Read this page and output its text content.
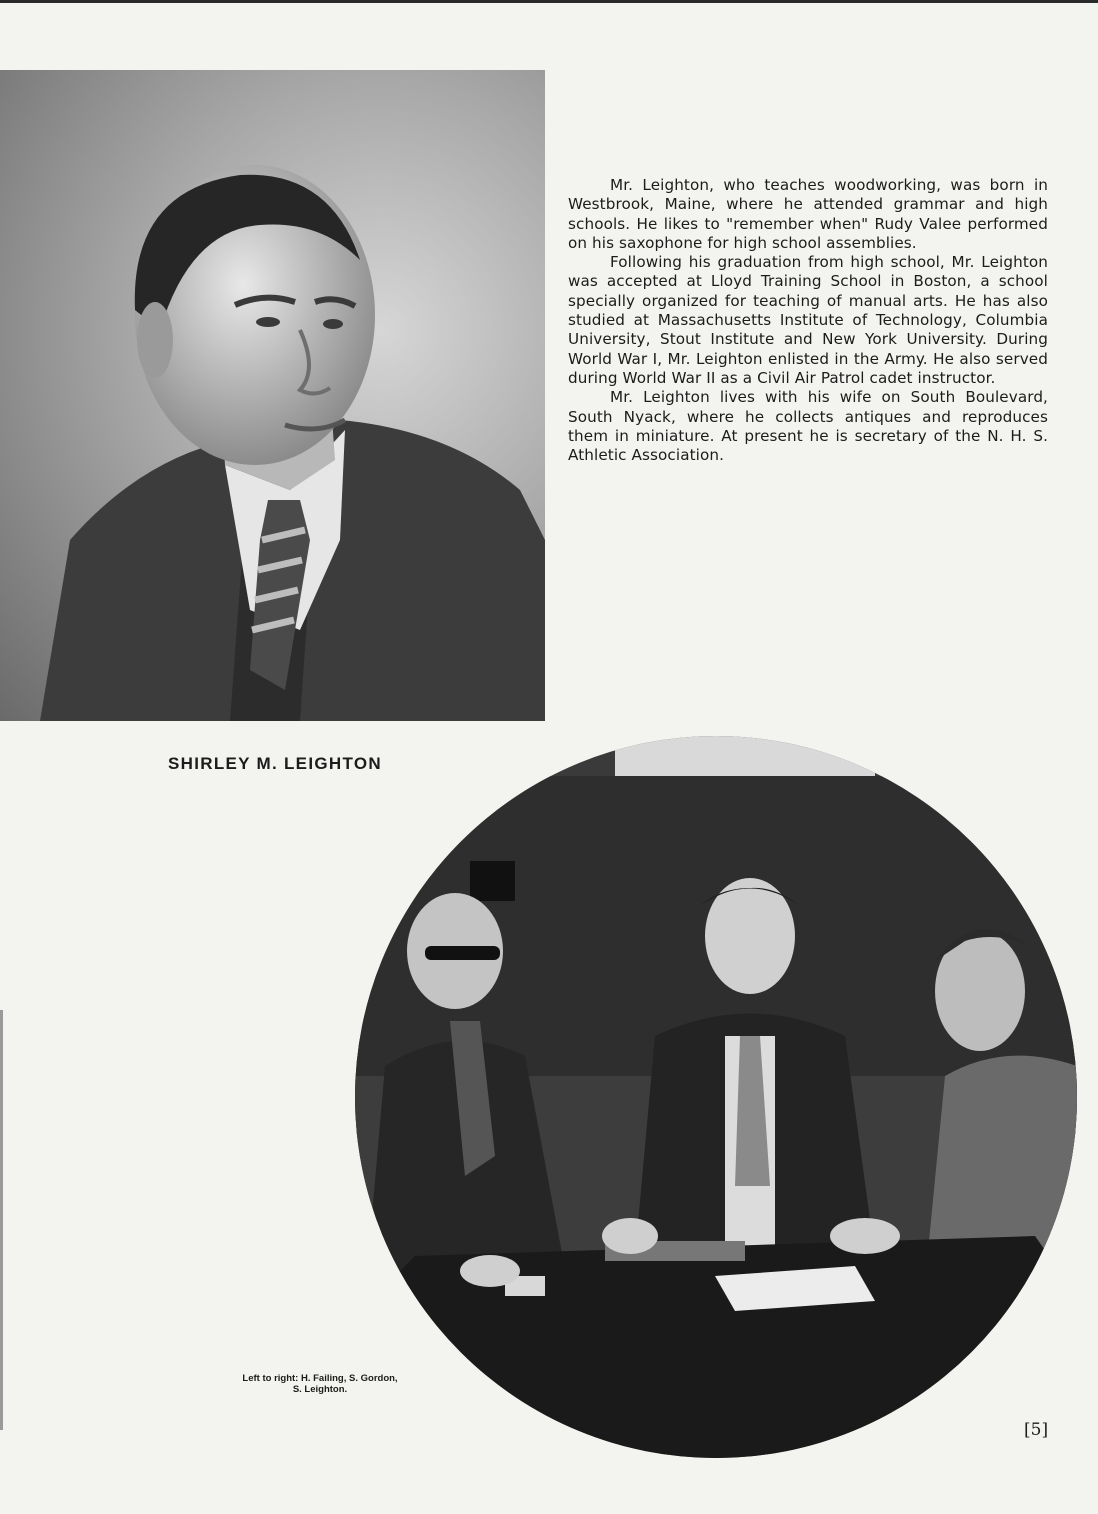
Mr. Leighton, who teaches woodworking, was born in Westbrook, Maine, where he attended grammar and high schools. He likes to "remember when" Rudy Valee performed on his saxophone for high school assemblies.

Following his graduation from high school, Mr. Leighton was accepted at Lloyd Training School in Boston, a school specially organized for teaching of manual arts. He has also studied at Massachusetts Institute of Technology, Columbia University, Stout Institute and New York University. During World War I, Mr. Leighton enlisted in the Army. He also served during World War II as a Civil Air Patrol cadet instructor.

Mr. Leighton lives with his wife on South Boulevard, South Nyack, where he collects antiques and reproduces them in miniature. At present he is secretary of the N. H. S. Athletic Association.

SHIRLEY M. LEIGHTON
Left to right: H. Failing, S. Gordon,
S. Leighton.
[5]
